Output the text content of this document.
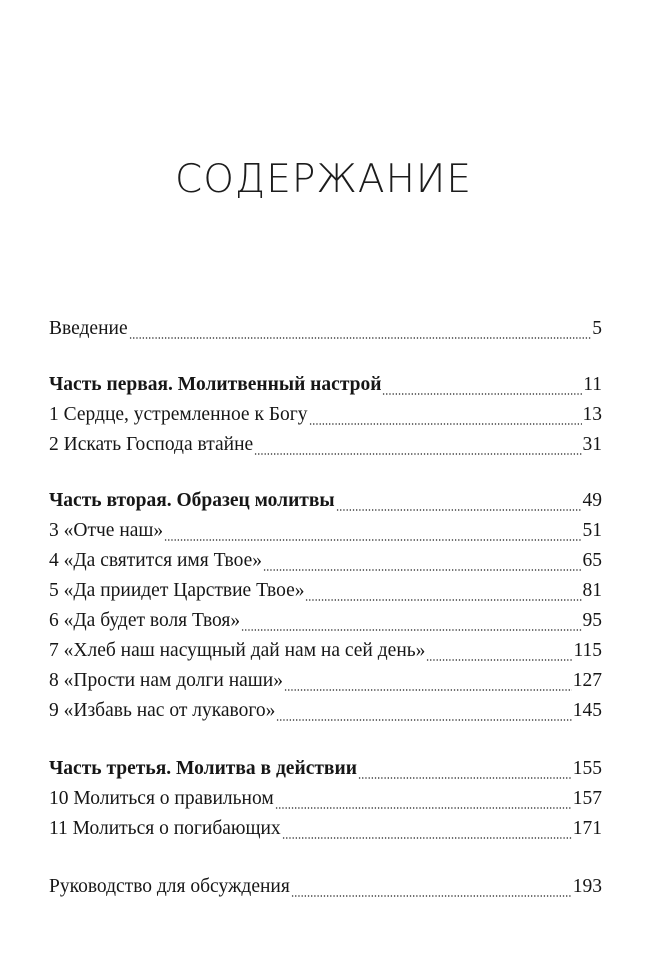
СОДЕРЖАНИЕ
Введение	5
Часть первая. Молитвенный настрой	11
1 Сердце, устремленное к Богу	13
2 Искать Господа втайне	31
Часть вторая. Образец молитвы	49
3 «Отче наш»	51
4 «Да святится имя Твое»	65
5 «Да приидет Царствие Твое»	81
6 «Да будет воля Твоя»	95
7 «Хлеб наш насущный дай нам на сей день»	115
8 «Прости нам долги наши»	127
9 «Избавь нас от лукавого»	145
Часть третья. Молитва в действии	155
10 Молиться о правильном	157
11 Молиться о погибающих	171
Руководство для обсуждения	193
